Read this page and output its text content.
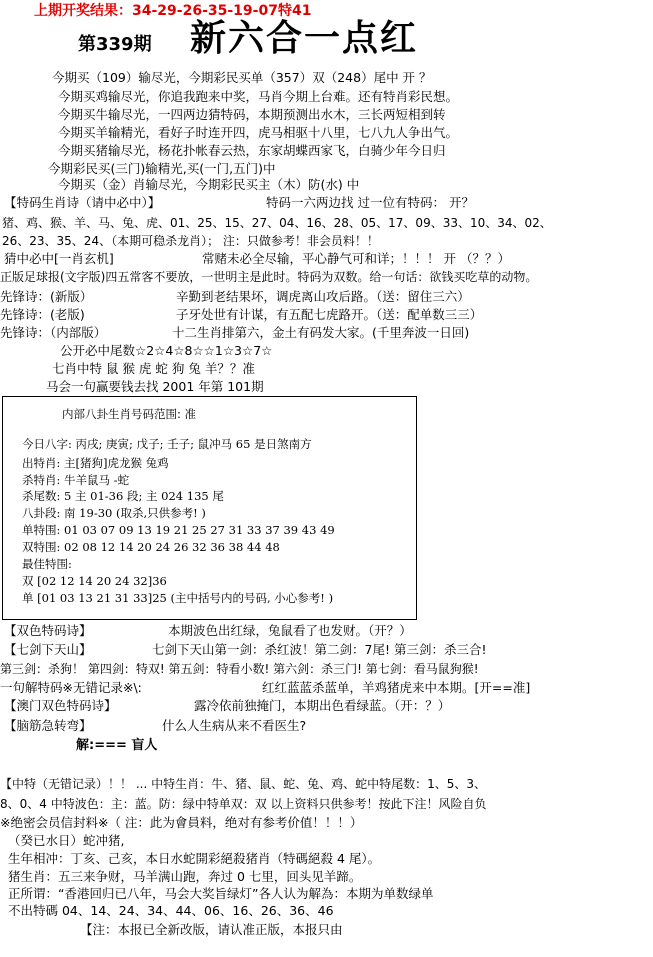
上期开奖结果：34-29-26-35-19-07特41
第339期 新六合一点红
今期买（109）输尽光，今期彩民买单（357）双（248）尾中 开 ？
今期买鸡输尽光，你追我跑来中奖，马肖今期上台难。还有特肖彩民想。
今期买牛输尽光，一四两边猜特码，本期预测出水木，三长两短相到转
今期买羊输精光，看好子时连开四，虎马相驱十八里，七八九人争出气。
今期买猪输尽光，杨花扑帐春云热，东家胡蝶西家飞，白骑少年今日归
今期彩民买(三门)输精光,买(一门,五门)中
今期买（金）肖输尽光，今期彩民买主（木）防(水) 中
【特码生肖诗（请中必中）】	特码一六两边找 过一位有特码： 开？
猪、鸡、猴、羊、马、兔、虎、01、25、15、27、04、16、28、05、17、09、33、10、34、02、
26、23、35、24、（本期可稳杀龙肖）； 注：只做参考！非会员料！！
猜中必中[一肖玄机]	常赌未必全尽输，平心静气可和详；！！！ 开 （？？）
正版足球报(文字版)四五常客不要放，一世明主是此时。特码为双数。给一句话：欲钱买吃草的动物。
先锋诗：(新版）	辛勤到老结果坏，调虎离山攻后路。（送：留住三六）
先锋诗：(老版)	子牙处世有计谋，有五配七虎路开。（送：配单数三三）
先锋诗：（内部版）	十二生肖排第六，金土有码发大家。(千里奔波一日回)
公开必中尾数☆2☆4☆8☆☆1☆3☆7☆
七肖中特 鼠 猴 虎 蛇 狗 兔 羊？？准
马会一句赢要钱去找 2001 年第 101期
内部八卦生肖号码范围: 准
今日八字: 丙戌; 庚寅; 戊子; 壬子; 鼠冲马 65 是日煞南方
出特肖: 主[猪狗]虎龙猴 兔鸡
杀特肖: 牛羊鼠马 -蛇
杀尾数: 5 主 01-36 段; 主 024 135 尾
八卦段: 南 19-30 (取杀,只供参考! )
单特围: 01 03 07 09 13 19 21 25 27 31 33 37 39 43 49
双特围: 02 08 12 14 20 24 26 32 36 38 44 48
最佳特围:
双 [02 12 14 20 24 32]36
单 [01 03 13 21 31 33]25 (主中括号内的号码, 小心参考! )
【双色特码诗】	本期波色出红绿，兔鼠看了也发财。（开？）
【七剑下天山】	七剑下天山第一剑：杀红波！第二剑：7尾! 第三剑：杀三合!
第三剑：杀狗！ 第四剑：特双! 第五剑：特看小数! 第六剑：杀三门! 第七剑：看马鼠狗猴!
一句解特码※无错记录※\:	红红蓝蓝杀蓝单，羊鸡猪虎来中本期。[开==准]
【澳门双色特码诗】	露冷依前独掩门，本期出色看绿蓝。（开：？）
【脑筋急转弯】	什么人生病从来不看医生?
解:=== 盲人
【中特（无错记录）！！ ... 中特生肖：牛、猪、鼠、蛇、兔、鸡、蛇中特尾数：1、5、3、
8、0、4 中特波色：主：蓝。防：绿中特单双：双 以上资料只供参考！按此下注！风险自负
※绝密会员信封料※（ 注：此为會員料，绝对有参考价值！！！）
（癸已水日）蛇冲猪,
生年相冲：丁亥、己亥，本日水蛇開彩絕殺猪肖（特碼絕殺 4 尾）。
猪生肖：五三来争财，马羊满山跑，奔过 0 七里，回头见羊蹄。
正所谓：“香港回归已八年，马会大奖旨绿灯”各人认为解為：本期为单数绿单
不出特碼 04、14、24、34、44、06、16、26、36、46
【注：本报已全新改版，请认准正版，本报只由
